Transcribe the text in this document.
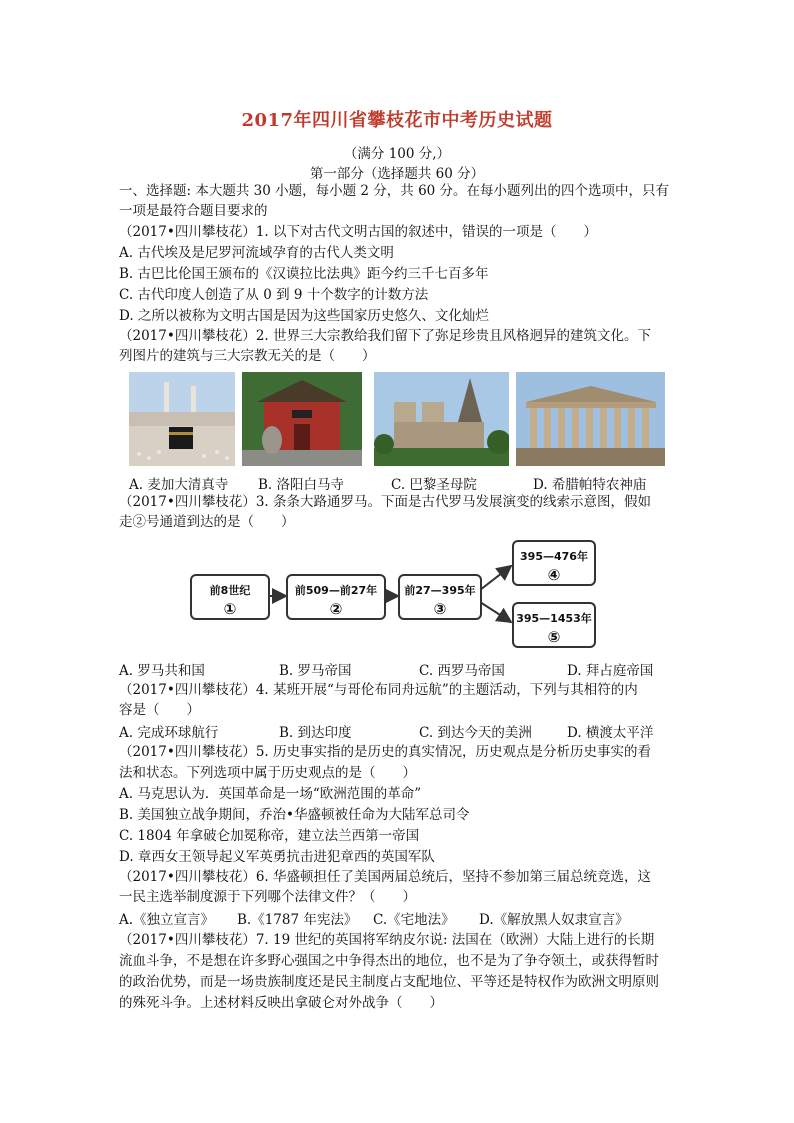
2017年四川省攀枝花市中考历史试题
（满分 100 分,）
第一部分（选择题共 60 分）
一、选择题: 本大题共 30 小题，每小题 2 分，共 60 分。在每小题列出的四个选项中，只有
一项是最符合题目要求的
（2017•四川攀枝花）1. 以下对古代文明古国的叙述中，错误的一项是（　　）
A. 古代埃及是尼罗河流域孕育的古代人类文明
B. 古巴比伦国王颁布的《汉谟拉比法典》距今约三千七百多年
C. 古代印度人创造了从 0 到 9 十个数字的计数方法
D. 之所以被称为文明古国是因为这些国家历史悠久、文化灿烂
（2017•四川攀枝花）2. 世界三大宗教给我们留下了弥足珍贵且风格迥异的建筑文化。下
列图片的建筑与三大宗教无关的是（　　）
A. 麦加大清真寺 B. 洛阳白马寺	C. 巴黎圣母院	D. 希腊帕特农神庙
（2017•四川攀枝花）3. 条条大路通罗马。下面是古代罗马发展演变的线索示意图，假如
走②号通道到达的是（　　）
前8世纪
①
前509—前27年
②
前27—395年
③
395—476年
④
395—1453年
⑤
A. 罗马共和国	B. 罗马帝国	C. 西罗马帝国	D. 拜占庭帝国
（2017•四川攀枝花）4. 某班开展“与哥伦布同舟远航”的主题活动，下列与其相符的内
容是（　　）
A. 完成环球航行	B. 到达印度	C. 到达今天的美洲	D. 横渡太平洋
（2017•四川攀枝花）5. 历史事实指的是历史的真实情况，历史观点是分析历史事实的看
法和状态。下列选项中属于历史观点的是（　　）
A. 马克思认为．英国革命是一场“欧洲范围的革命”
B. 美国独立战争期间，乔治•华盛顿被任命为大陆军总司令
C. 1804 年拿破仑加冕称帝，建立法兰西第一帝国
D. 章西女王领导起义军英勇抗击进犯章西的英国军队
（2017•四川攀枝花）6. 华盛顿担任了美国两届总统后，坚持不参加第三届总统竞选，这
一民主选举制度源于下列哪个法律文件？（　　）
A.《独立宣言》 B.《1787 年宪法》 C.《宅地法》 D.《解放黑人奴隶宣言》
（2017•四川攀枝花）7. 19 世纪的英国将军纳皮尔说: 法国在（欧洲）大陆上进行的长期
流血斗争，不是想在许多野心强国之中争得杰出的地位，也不是为了争夺领土，或获得暂时
的政治优势，而是一场贵族制度还是民主制度占支配地位、平等还是特权作为欧洲文明原则
的殊死斗争。上述材料反映出拿破仑对外战争（　　）
